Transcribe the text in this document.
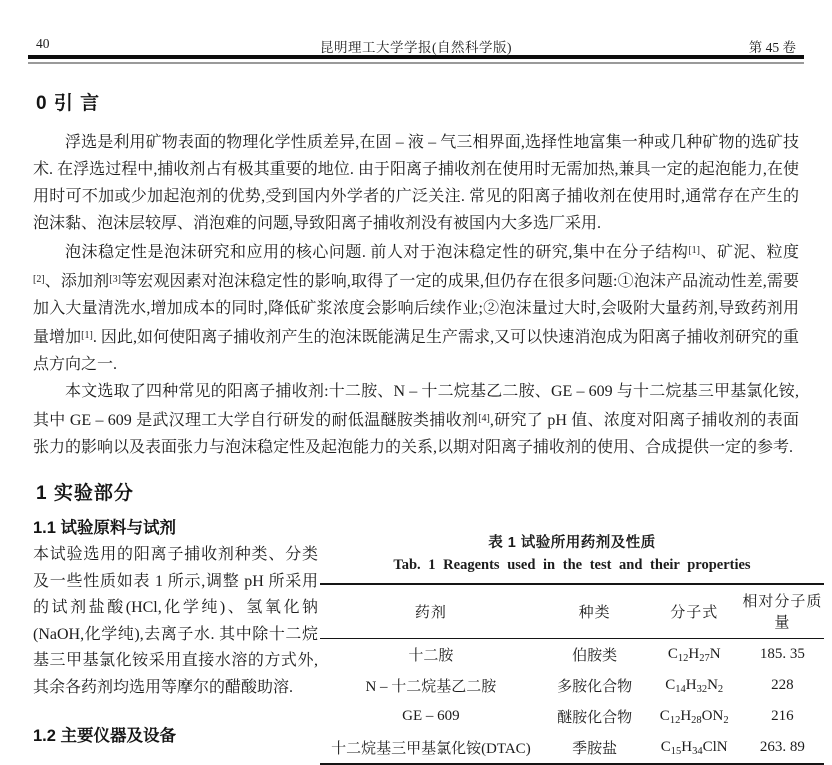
40	昆明理工大学学报(自然科学版)	第 45 卷
0 引 言

浮选是利用矿物表面的物理化学性质差异,在固 – 液 – 气三相界面,选择性地富集一种或几种矿物的选矿技术. 在浮选过程中,捕收剂占有极其重要的地位. 由于阳离子捕收剂在使用时无需加热,兼具一定的起泡能力,在使用时可不加或少加起泡剂的优势,受到国内外学者的广泛关注. 常见的阳离子捕收剂在使用时,通常存在产生的泡沫黏、泡沫层较厚、消泡难的问题,导致阳离子捕收剂没有被国内大多选厂采用.

泡沫稳定性是泡沫研究和应用的核心问题. 前人对于泡沫稳定性的研究,集中在分子结构[1]、矿泥、粒度[2]、添加剂[3]等宏观因素对泡沫稳定性的影响,取得了一定的成果,但仍存在很多问题:①泡沫产品流动性差,需要加入大量清洗水,增加成本的同时,降低矿浆浓度会影响后续作业;②泡沫量过大时,会吸附大量药剂,导致药剂用量增加[1]. 因此,如何使阳离子捕收剂产生的泡沫既能满足生产需求,又可以快速消泡成为阳离子捕收剂研究的重点方向之一.

本文选取了四种常见的阳离子捕收剂:十二胺、N – 十二烷基乙二胺、GE – 609 与十二烷基三甲基氯化铵,其中 GE – 609 是武汉理工大学自行研发的耐低温醚胺类捕收剂[4],研究了 pH 值、浓度对阳离子捕收剂的表面张力的影响以及表面张力与泡沫稳定性及起泡能力的关系,以期对阳离子捕收剂的使用、合成提供一定的参考.

1 实验部分
1.1 试验原料与试剂

本试验选用的阳离子捕收剂种类、分类及一些性质如表 1 所示,调整 pH 所采用的试剂盐酸(HCl,化学纯)、氢氧化钠(NaOH,化学纯),去离子水. 其中除十二烷基三甲基氯化铵采用直接水溶的方式外,其余各药剂均选用等摩尔的醋酸助溶.

1.2 主要仪器及设备

表 1 试验所用药剂及性质

Tab. 1 Reagents used in the test and their properties

药剂	种类	分子式	相对分子质量
十二胺	伯胺类	$C_{12}H_{27}N$	185. 35
N – 十二烷基乙二胺	多胺化合物	$C_{14}H_{32}N_2$	228
GE – 609	醚胺化合物	$C_{12}H_{28}ON_2$	216
十二烷基三甲基氯化铵(DTAC)	季胺盐	$C_{15}H_{34}ClN$	263. 89
